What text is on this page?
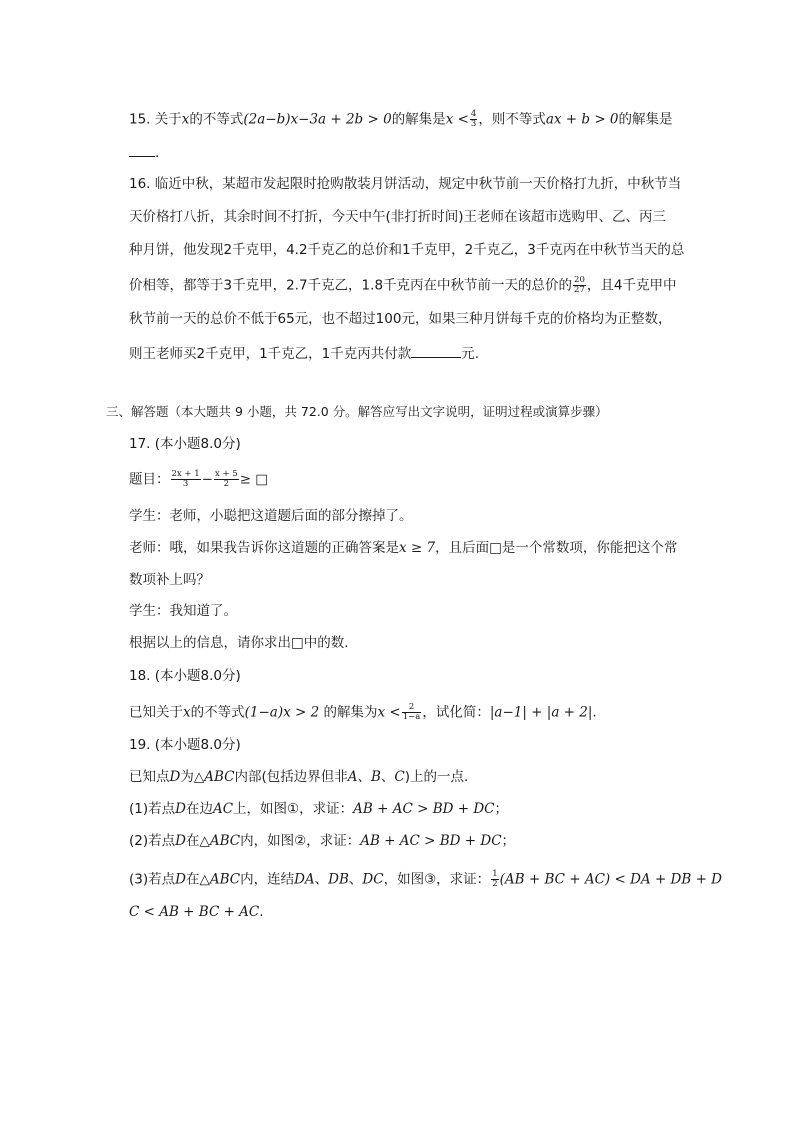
15. 关于x的不等式(2a−b)x−3a + 2b > 0的解集是$x < \frac{4}{3}$ ，则不等式ax + b > 0的解集是
.
16. 临近中秋，某超市发起限时抢购散装月饼活动，规定中秋节前一天价格打九折，中秋节当
天价格打八折，其余时间不打折，今天中午(非打折时间)王老师在该超市选购甲、乙、丙三
种月饼，他发现2千克甲，4.2千克乙的总价和1千克甲，2千克乙，3千克丙在中秋节当天的总
价相等，都等于3千克甲，2.7千克乙，1.8千克丙在中秋节前一天的总价的 $\frac{20}{27}$ ，且4千克甲中
秋节前一天的总价不低于65元，也不超过100元，如果三种月饼每千克的价格均为正整数，
则王老师买2千克甲，1千克乙，1千克丙共付款	元.
三、解答题（本大题共 9 小题，共 72.0 分。解答应写出文字说明，证明过程或演算步骤）
17. (本小题8.0分)
题目： $\frac{2x + 1}{3} - \frac{x + 5}{2}$ ≥ □
学生：老师，小聪把这道题后面的部分擦掉了。
老师：哦，如果我告诉你这道题的正确答案是x ≥ 7，且后面□是一个常数项，你能把这个常
数项补上吗？
学生：我知道了。
根据以上的信息，请你求出□中的数.
18. (本小题8.0分)
已知关于x的不等式(1−a)x > 2 的解集为$x < \frac{2}{1-a}$ ，试化简：|a−1| + |a + 2|.
19. (本小题8.0分)
已知点D为△ABC内部(包括边界但非A、B、C)上的一点.
(1)若点D在边AC上，如图①，求证：AB + AC > BD + DC；
(2)若点D在△ABC内，如图②，求证：AB + AC > BD + DC；
(3)若点D在△ABC内，连结DA、DB、DC，如图③，求证： $\frac{1}{2} (AB$ + BC + AC) < DA + DB + D
C < AB + BC + AC.
